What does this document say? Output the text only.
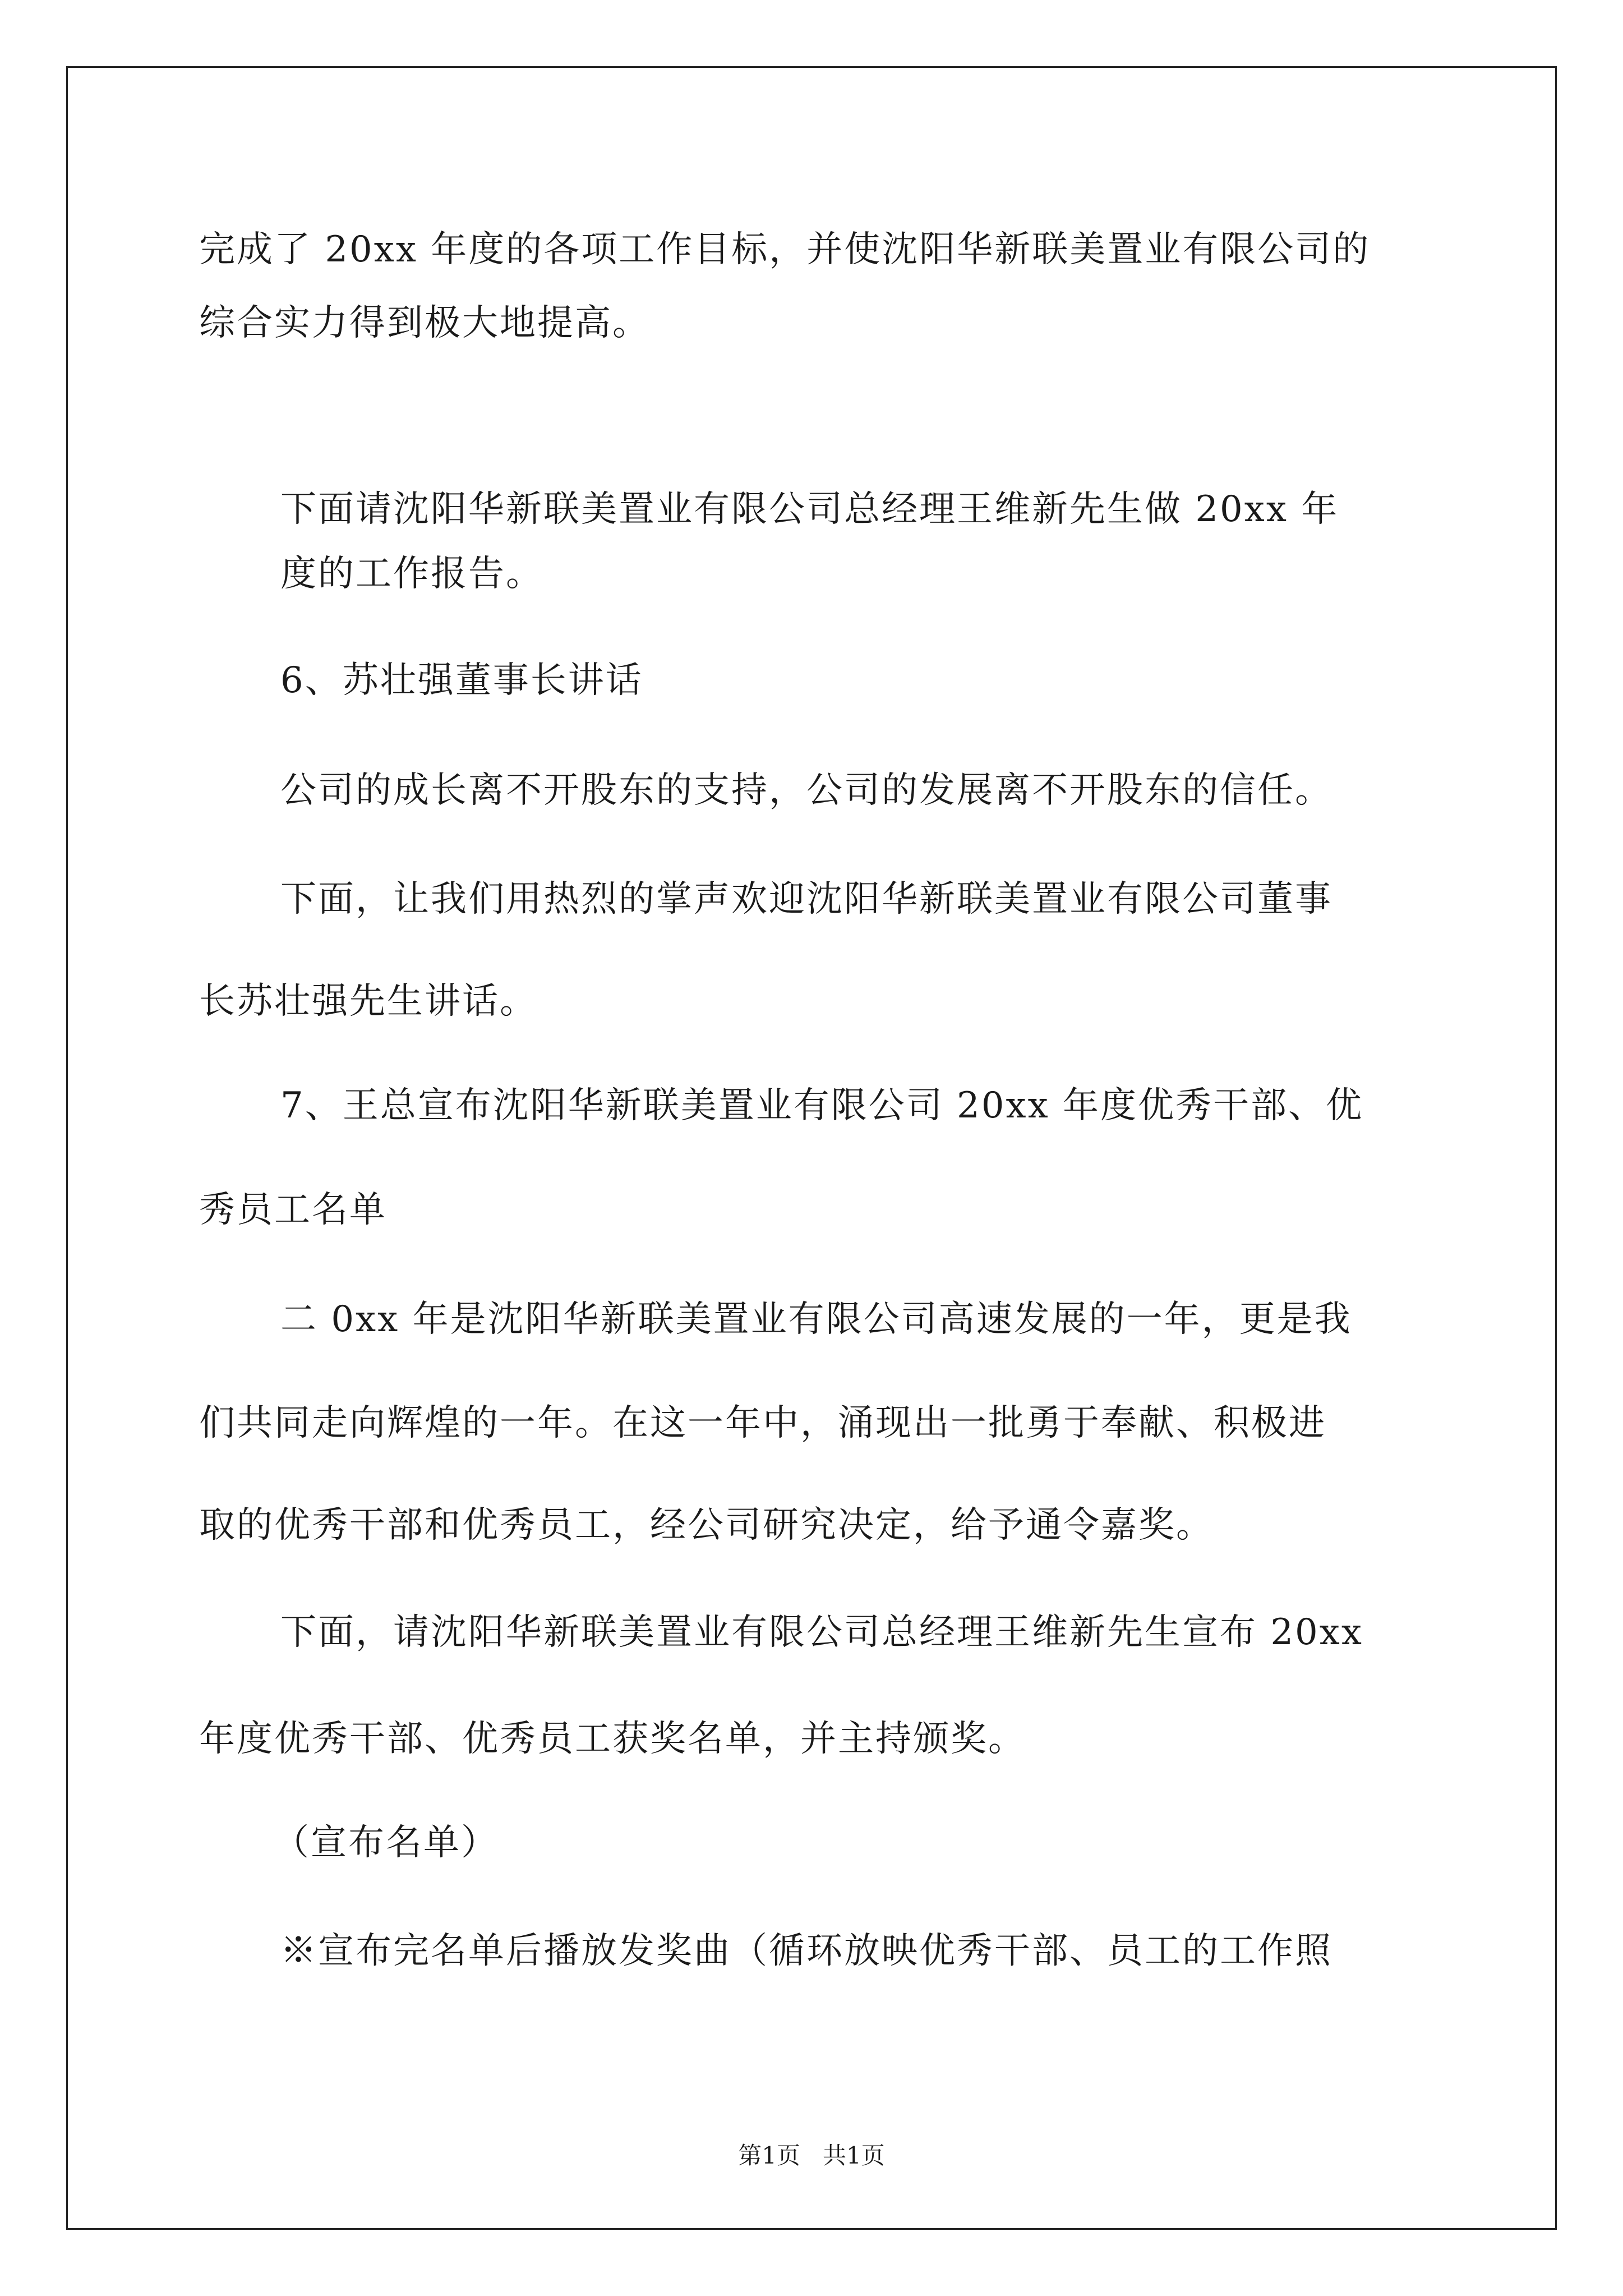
完成了 20xx 年度的各项工作目标，并使沈阳华新联美置业有限公司的
综合实力得到极大地提高。
下面请沈阳华新联美置业有限公司总经理王维新先生做 20xx 年
度的工作报告。
6、苏壮强董事长讲话
公司的成长离不开股东的支持，公司的发展离不开股东的信任。
下面，让我们用热烈的掌声欢迎沈阳华新联美置业有限公司董事
长苏壮强先生讲话。
7、王总宣布沈阳华新联美置业有限公司 20xx 年度优秀干部、优
秀员工名单
二 0xx 年是沈阳华新联美置业有限公司高速发展的一年，更是我
们共同走向辉煌的一年。在这一年中，涌现出一批勇于奉献、积极进
取的优秀干部和优秀员工，经公司研究决定，给予通令嘉奖。
下面，请沈阳华新联美置业有限公司总经理王维新先生宣布 20xx
年度优秀干部、优秀员工获奖名单，并主持颁奖。
（宣布名单）
※宣布完名单后播放发奖曲（循环放映优秀干部、员工的工作照
第1页   共1页
